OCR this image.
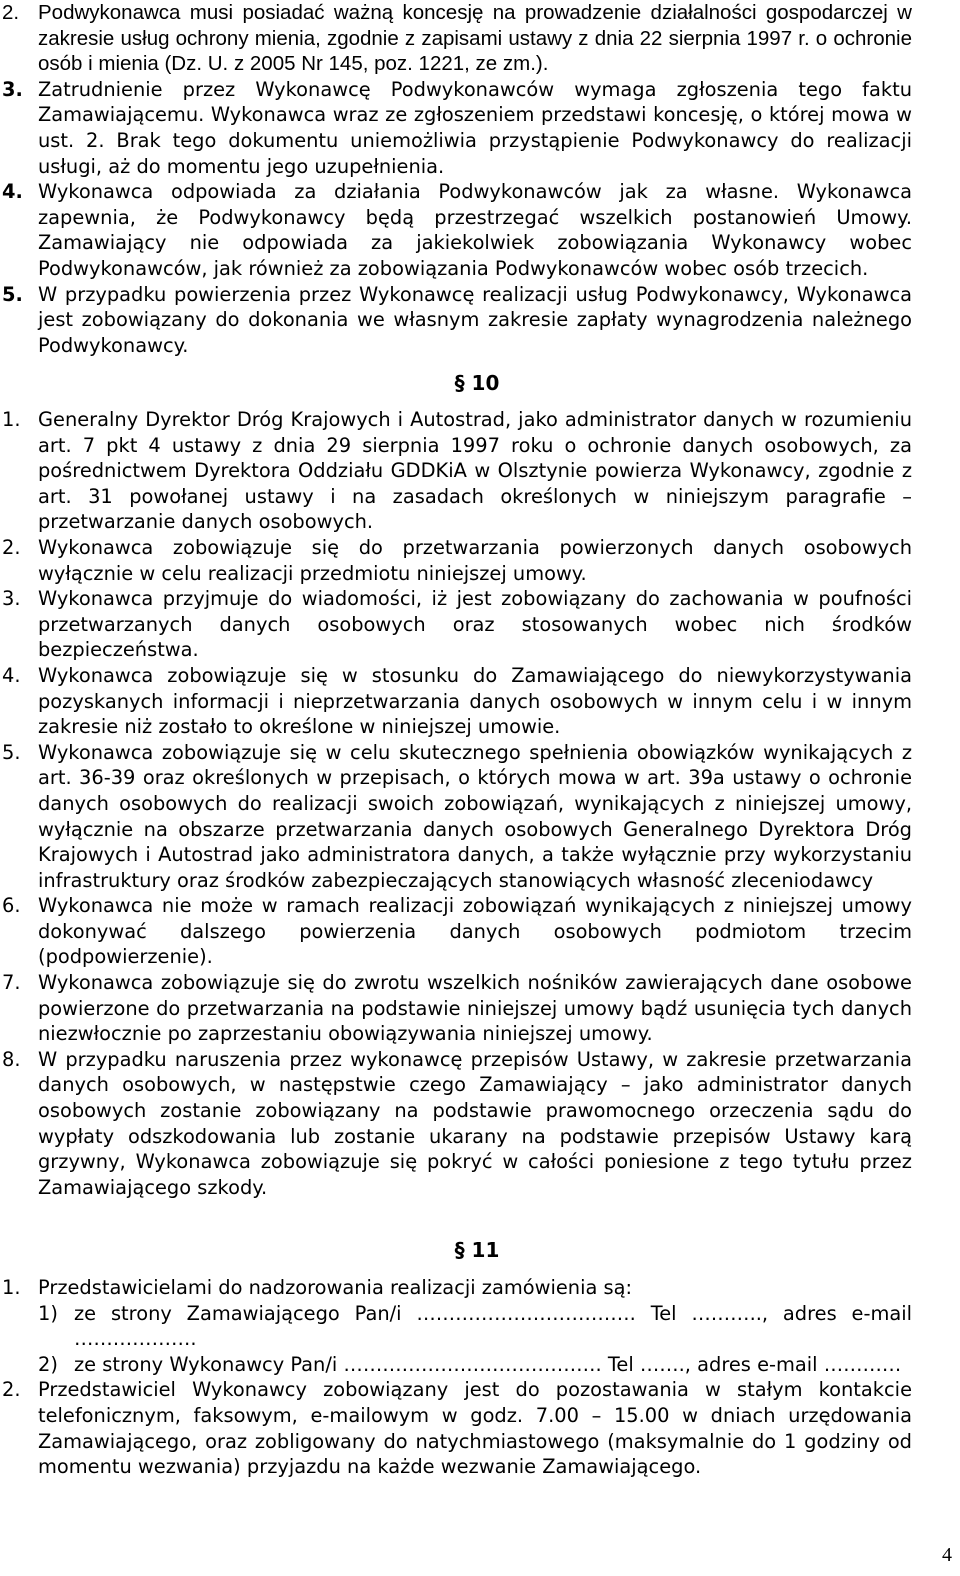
2. Podwykonawca musi posiadać ważną koncesję na prowadzenie działalności gospodarczej w zakresie usług ochrony mienia, zgodnie z zapisami ustawy z dnia 22 sierpnia 1997 r. o ochronie osób i mienia (Dz. U. z 2005 Nr 145, poz. 1221, ze zm.).
3. Zatrudnienie przez Wykonawcę Podwykonawców wymaga zgłoszenia tego faktu Zamawiającemu. Wykonawca wraz ze zgłoszeniem przedstawi koncesję, o której mowa w ust. 2. Brak tego dokumentu uniemożliwia przystąpienie Podwykonawcy do realizacji usługi, aż do momentu jego uzupełnienia.
4. Wykonawca odpowiada za działania Podwykonawców jak za własne. Wykonawca zapewnia, że Podwykonawcy będą przestrzegać wszelkich postanowień Umowy. Zamawiający nie odpowiada za jakiekolwiek zobowiązania Wykonawcy wobec Podwykonawców, jak również za zobowiązania Podwykonawców wobec osób trzecich.
5. W przypadku powierzenia przez Wykonawcę realizacji usług Podwykonawcy, Wykonawca jest zobowiązany do dokonania we własnym zakresie zapłaty wynagrodzenia należnego Podwykonawcy.
§ 10
1. Generalny Dyrektor Dróg Krajowych i Autostrad, jako administrator danych w rozumieniu art. 7 pkt 4 ustawy z dnia 29 sierpnia 1997 roku o ochronie danych osobowych, za pośrednictwem Dyrektora Oddziału GDDKiA w Olsztynie powierza Wykonawcy, zgodnie z art. 31 powołanej ustawy i na zasadach określonych w niniejszym paragrafie – przetwarzanie danych osobowych.
2. Wykonawca zobowiązuje się do przetwarzania powierzonych danych osobowych wyłącznie w celu realizacji przedmiotu niniejszej umowy.
3. Wykonawca przyjmuje do wiadomości, iż jest zobowiązany do zachowania w poufności przetwarzanych danych osobowych oraz stosowanych wobec nich środków bezpieczeństwa.
4. Wykonawca zobowiązuje się w stosunku do Zamawiającego do niewykorzystywania pozyskanych informacji i nieprzetwarzania danych osobowych w innym celu i w innym zakresie niż zostało to określone w niniejszej umowie.
5. Wykonawca zobowiązuje się w celu skutecznego spełnienia obowiązków wynikających z art. 36-39 oraz określonych w przepisach, o których mowa w art. 39a ustawy o ochronie danych osobowych do realizacji swoich zobowiązań, wynikających z niniejszej umowy, wyłącznie na obszarze przetwarzania danych osobowych Generalnego Dyrektora Dróg Krajowych i Autostrad jako administratora danych, a także wyłącznie przy wykorzystaniu infrastruktury oraz środków zabezpieczających stanowiących własność zleceniodawcy
6. Wykonawca nie może w ramach realizacji zobowiązań wynikających z niniejszej umowy dokonywać dalszego powierzenia danych osobowych podmiotom trzecim (podpowierzenie).
7. Wykonawca zobowiązuje się do zwrotu wszelkich nośników zawierających dane osobowe powierzone do przetwarzania na podstawie niniejszej umowy bądź usunięcia tych danych niezwłocznie po zaprzestaniu obowiązywania niniejszej umowy.
8. W przypadku naruszenia przez wykonawcę przepisów Ustawy, w zakresie przetwarzania danych osobowych, w następstwie czego Zamawiający – jako administrator danych osobowych zostanie zobowiązany na podstawie prawomocnego orzeczenia sądu do wypłaty odszkodowania lub zostanie ukarany na podstawie przepisów Ustawy karą grzywny, Wykonawca zobowiązuje się pokryć w całości poniesione z tego tytułu przez Zamawiającego szkody.
§ 11
1. Przedstawicielami do nadzorowania realizacji zamówienia są:
1) ze strony Zamawiającego Pan/i ……………………………. Tel ……….., adres e-mail ……………….
2) ze strony Wykonawcy Pan/i …………………………………. Tel ……., adres e-mail …………
2. Przedstawiciel Wykonawcy zobowiązany jest do pozostawania w stałym kontakcie telefonicznym, faksowym, e-mailowym w godz. 7.00 – 15.00 w dniach urzędowania Zamawiającego, oraz zobligowany do natychmiastowego (maksymalnie do 1 godziny od momentu wezwania) przyjazdu na każde wezwanie Zamawiającego.
4
